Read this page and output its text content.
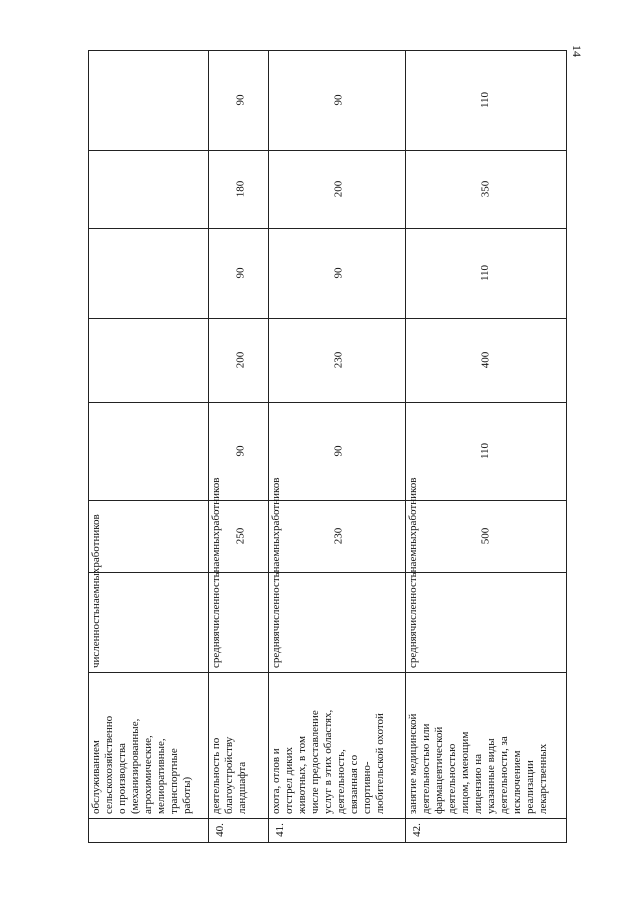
14
обслуживанием сельскохозяйственно о производства (механизированные, агрохимические, мелиоративные, транспортные работы)
численностьнаемныхработников
40.
деятельность по благоустройству ландшафта
средняячисленностьнаемныхработников
250
90
200
90
180
90
41.
охота, отлов и отстрел диких животных, в том числе предоставление услуг в этих областях, деятельность, связанная со спортивно- любительской охотой
средняячисленностьнаемныхработников
230
90
230
90
200
90
42.
занятие медицинской деятельностью или фармацевтической деятельностью лицом, имеющим лицензию на указанные виды деятельности, за исключением реализации лекарственных
средняячисленностьнаемныхработников
500
110
400
110
350
110
